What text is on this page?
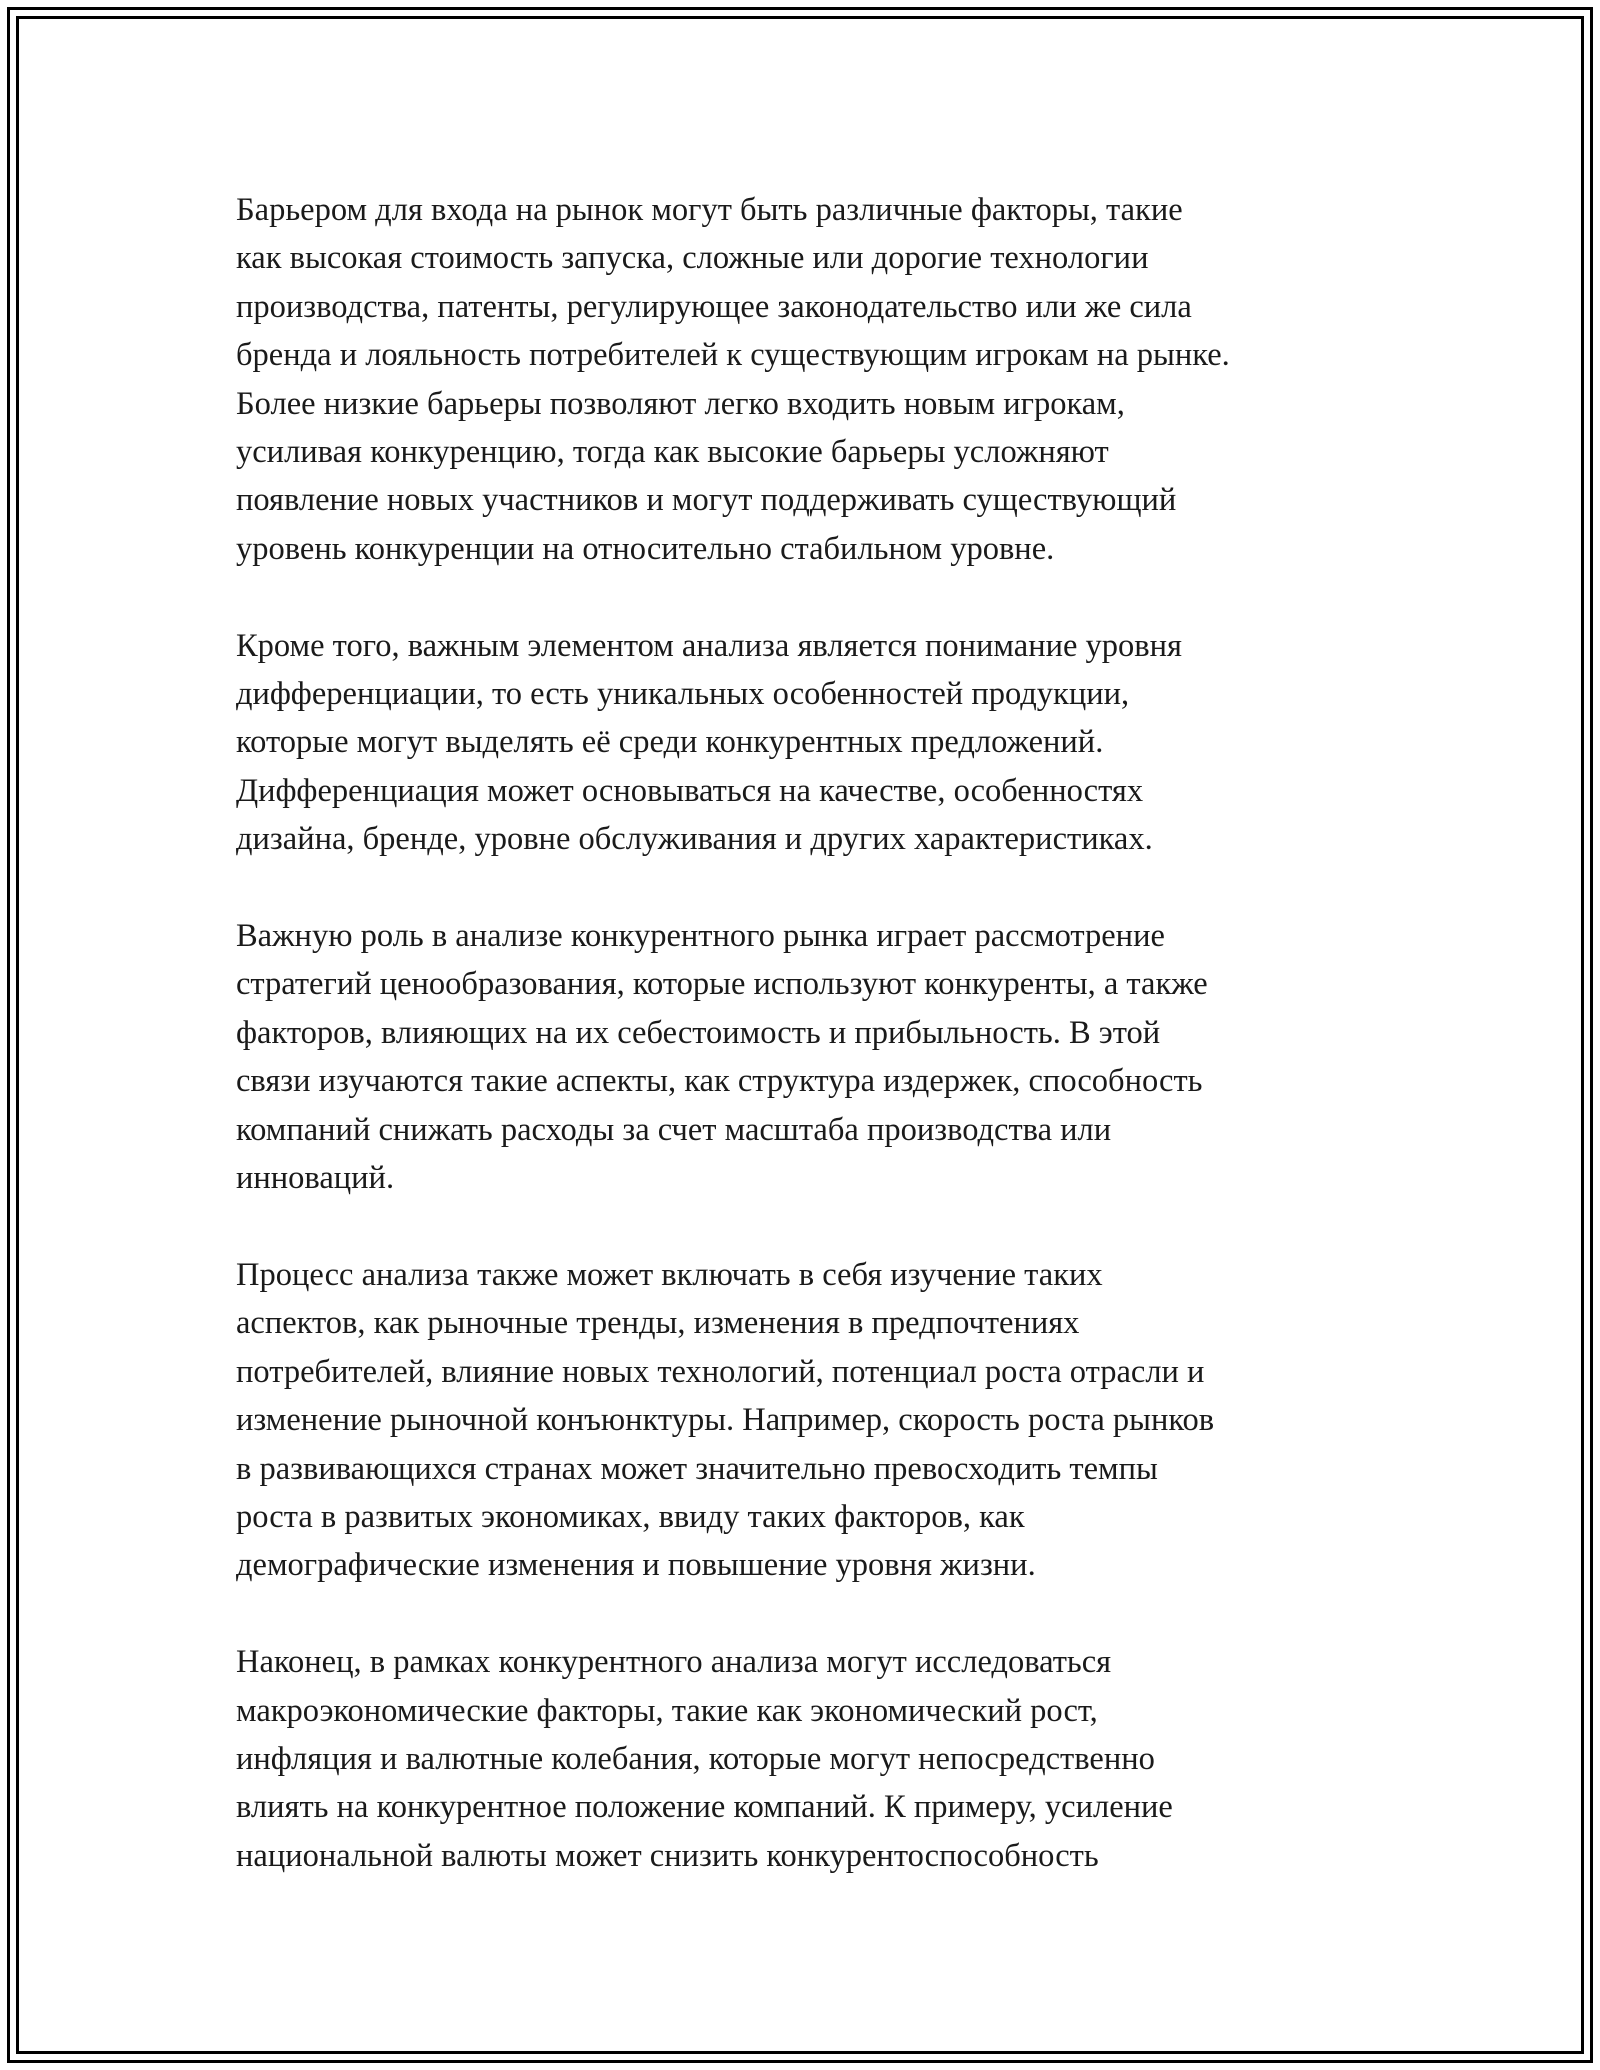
Барьером для входа на рынок могут быть различные факторы, такие
как высокая стоимость запуска, сложные или дорогие технологии
производства, патенты, регулирующее законодательство или же сила
бренда и лояльность потребителей к существующим игрокам на рынке.
Более низкие барьеры позволяют легко входить новым игрокам,
усиливая конкуренцию, тогда как высокие барьеры усложняют
появление новых участников и могут поддерживать существующий
уровень конкуренции на относительно стабильном уровне.
Кроме того, важным элементом анализа является понимание уровня
дифференциации, то есть уникальных особенностей продукции,
которые могут выделять её среди конкурентных предложений.
Дифференциация может основываться на качестве, особенностях
дизайна, бренде, уровне обслуживания и других характеристиках.
Важную роль в анализе конкурентного рынка играет рассмотрение
стратегий ценообразования, которые используют конкуренты, а также
факторов, влияющих на их себестоимость и прибыльность. В этой
связи изучаются такие аспекты, как структура издержек, способность
компаний снижать расходы за счет масштаба производства или
инноваций.
Процесс анализа также может включать в себя изучение таких
аспектов, как рыночные тренды, изменения в предпочтениях
потребителей, влияние новых технологий, потенциал роста отрасли и
изменение рыночной конъюнктуры. Например, скорость роста рынков
в развивающихся странах может значительно превосходить темпы
роста в развитых экономиках, ввиду таких факторов, как
демографические изменения и повышение уровня жизни.
Наконец, в рамках конкурентного анализа могут исследоваться
макроэкономические факторы, такие как экономический рост,
инфляция и валютные колебания, которые могут непосредственно
влиять на конкурентное положение компаний. К примеру, усиление
национальной валюты может снизить конкурентоспособность
